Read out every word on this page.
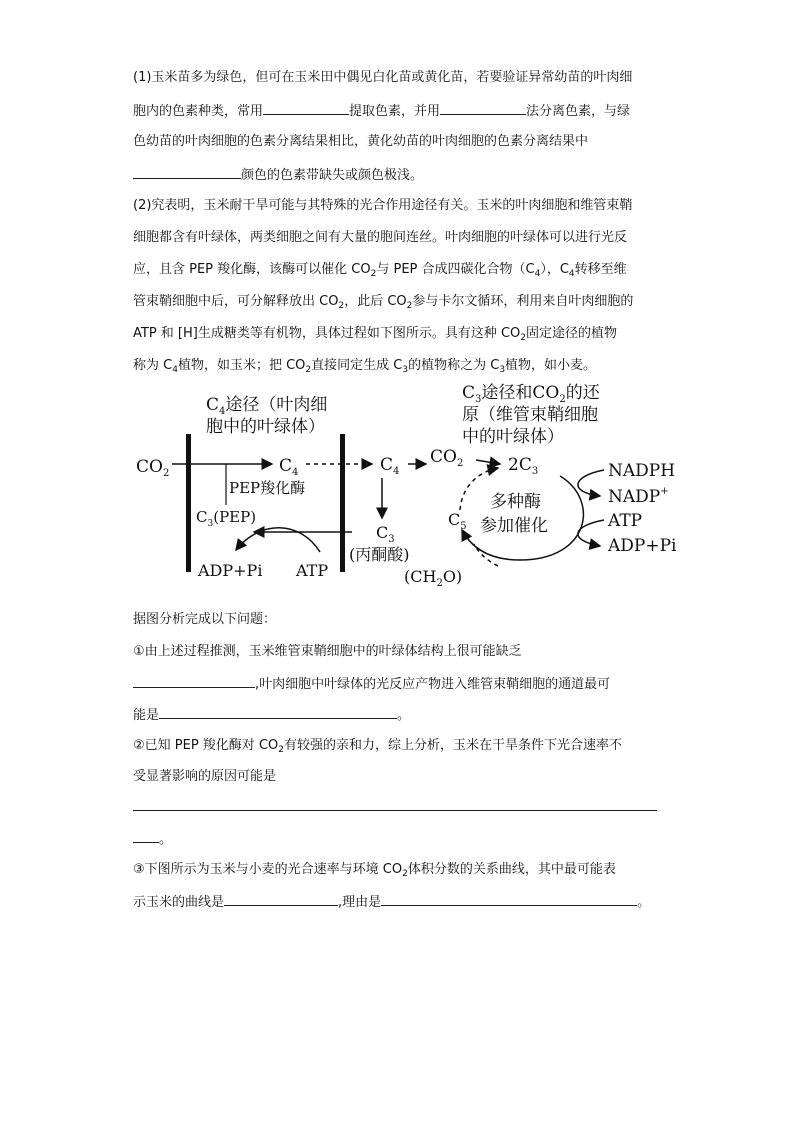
(1)玉米苗多为绿色，但可在玉米田中偶见白化苗或黄化苗，若要验证异常幼苗的叶肉细
胞内的色素种类，常用	提取色素，并用	法分离色素，与绿
色幼苗的叶肉细胞的色素分离结果相比，黄化幼苗的叶肉细胞的色素分离结果中
颜色的色素带缺失或颜色极浅。
(2)究表明，玉米耐干旱可能与其特殊的光合作用途径有关。玉米的叶肉细胞和维管束鞘
细胞都含有叶绿体，两类细胞之间有大量的胞间连丝。叶肉细胞的叶绿体可以进行光反
应，且含 PEP 羧化酶，该酶可以催化 $CO_2$与 PEP 合成四碳化合物$(C_4)$，$C_4$转移至维
管束鞘细胞中后，可分解释放出 $CO_2$，此后 $CO_2$参与卡尔文循环，利用来自叶肉细胞的
ATP 和 [H]生成糖类等有机物，具体过程如下图所示。具有这种 $CO_2$固定途径的植物
称为 $C_4$植物，如玉米；把 $CO_2$直接同定生成 $C_3$的植物称之为 $C_3$植物，如小麦。
$C_4$途径（叶肉细
胞中的叶绿体）
$C_3$途径和$CO_2$的还
原（维管束鞘细胞
中的叶绿体）
$CO_2$	$C_4$
PEP羧化酶
$C_3(PEP)$
$C_4$
$C_3$
(丙酮酸)
ADP+Pi ATP
$CO_2$	$2C_3$
多种酶
参加催化
$C_5$
$(CH_2O)$
NADPH
NADP+
ATP
ADP+Pi
据图分析完成以下问题：
①由上述过程推测，玉米维管束鞘细胞中的叶绿体结构上很可能缺乏
,叶肉细胞中叶绿体的光反应产物进入维管束鞘细胞的通道最可
能是	。
②已知 PEP 羧化酶对 $CO_2$有较强的亲和力，综上分析，玉米在干旱条件下光合速率不
受显著影响的原因可能是
。
③下图所示为玉米与小麦的光合速率与环境 $CO_2$体积分数的关系曲线，其中最可能表
示玉米的曲线是	,理由是	。
